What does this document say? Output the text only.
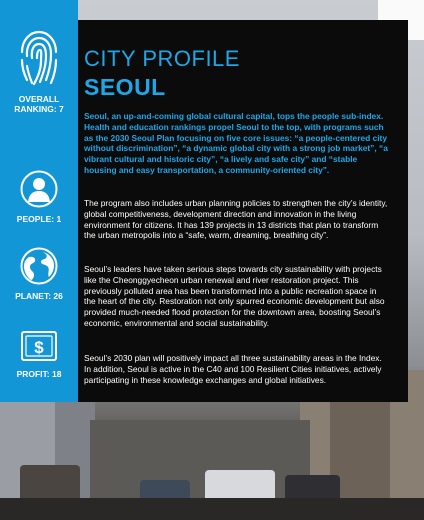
OVERALL
RANKING: 7
PEOPLE: 1
PLANET: 26
$
PROFIT: 18
CITY PROFILE
SEOUL

Seoul, an up-and-coming global cultural capital, tops the people sub-index. Health and education rankings propel Seoul to the top, with programs such as the 2030 Seoul Plan focusing on five core issues: “a people-centered city without discrimination”, “a dynamic global city with a strong job market”, “a vibrant cultural and historic city”, “a lively and safe city” and “stable housing and easy transportation, a community-oriented city”.

The program also includes urban planning policies to strengthen the city’s identity, global competitiveness, development direction and innovation in the living environment for citizens. It has 139 projects in 13 districts that plan to transform the urban metropolis into a “safe, warm, dreaming, breathing city”.

Seoul’s leaders have taken serious steps towards city sustainability with projects like the Cheonggyecheon urban renewal and river restoration project. This previously polluted area has been transformed into a public recreation space in the heart of the city. Restoration not only spurred economic development but also provided much-needed flood protection for the downtown area, boosting Seoul’s economic, environmental and social sustainability.

Seoul’s 2030 plan will positively impact all three sustainability areas in the Index. In addition, Seoul is active in the C40 and 100 Resilient Cities initiatives, actively participating in these knowledge exchanges and global initiatives.
